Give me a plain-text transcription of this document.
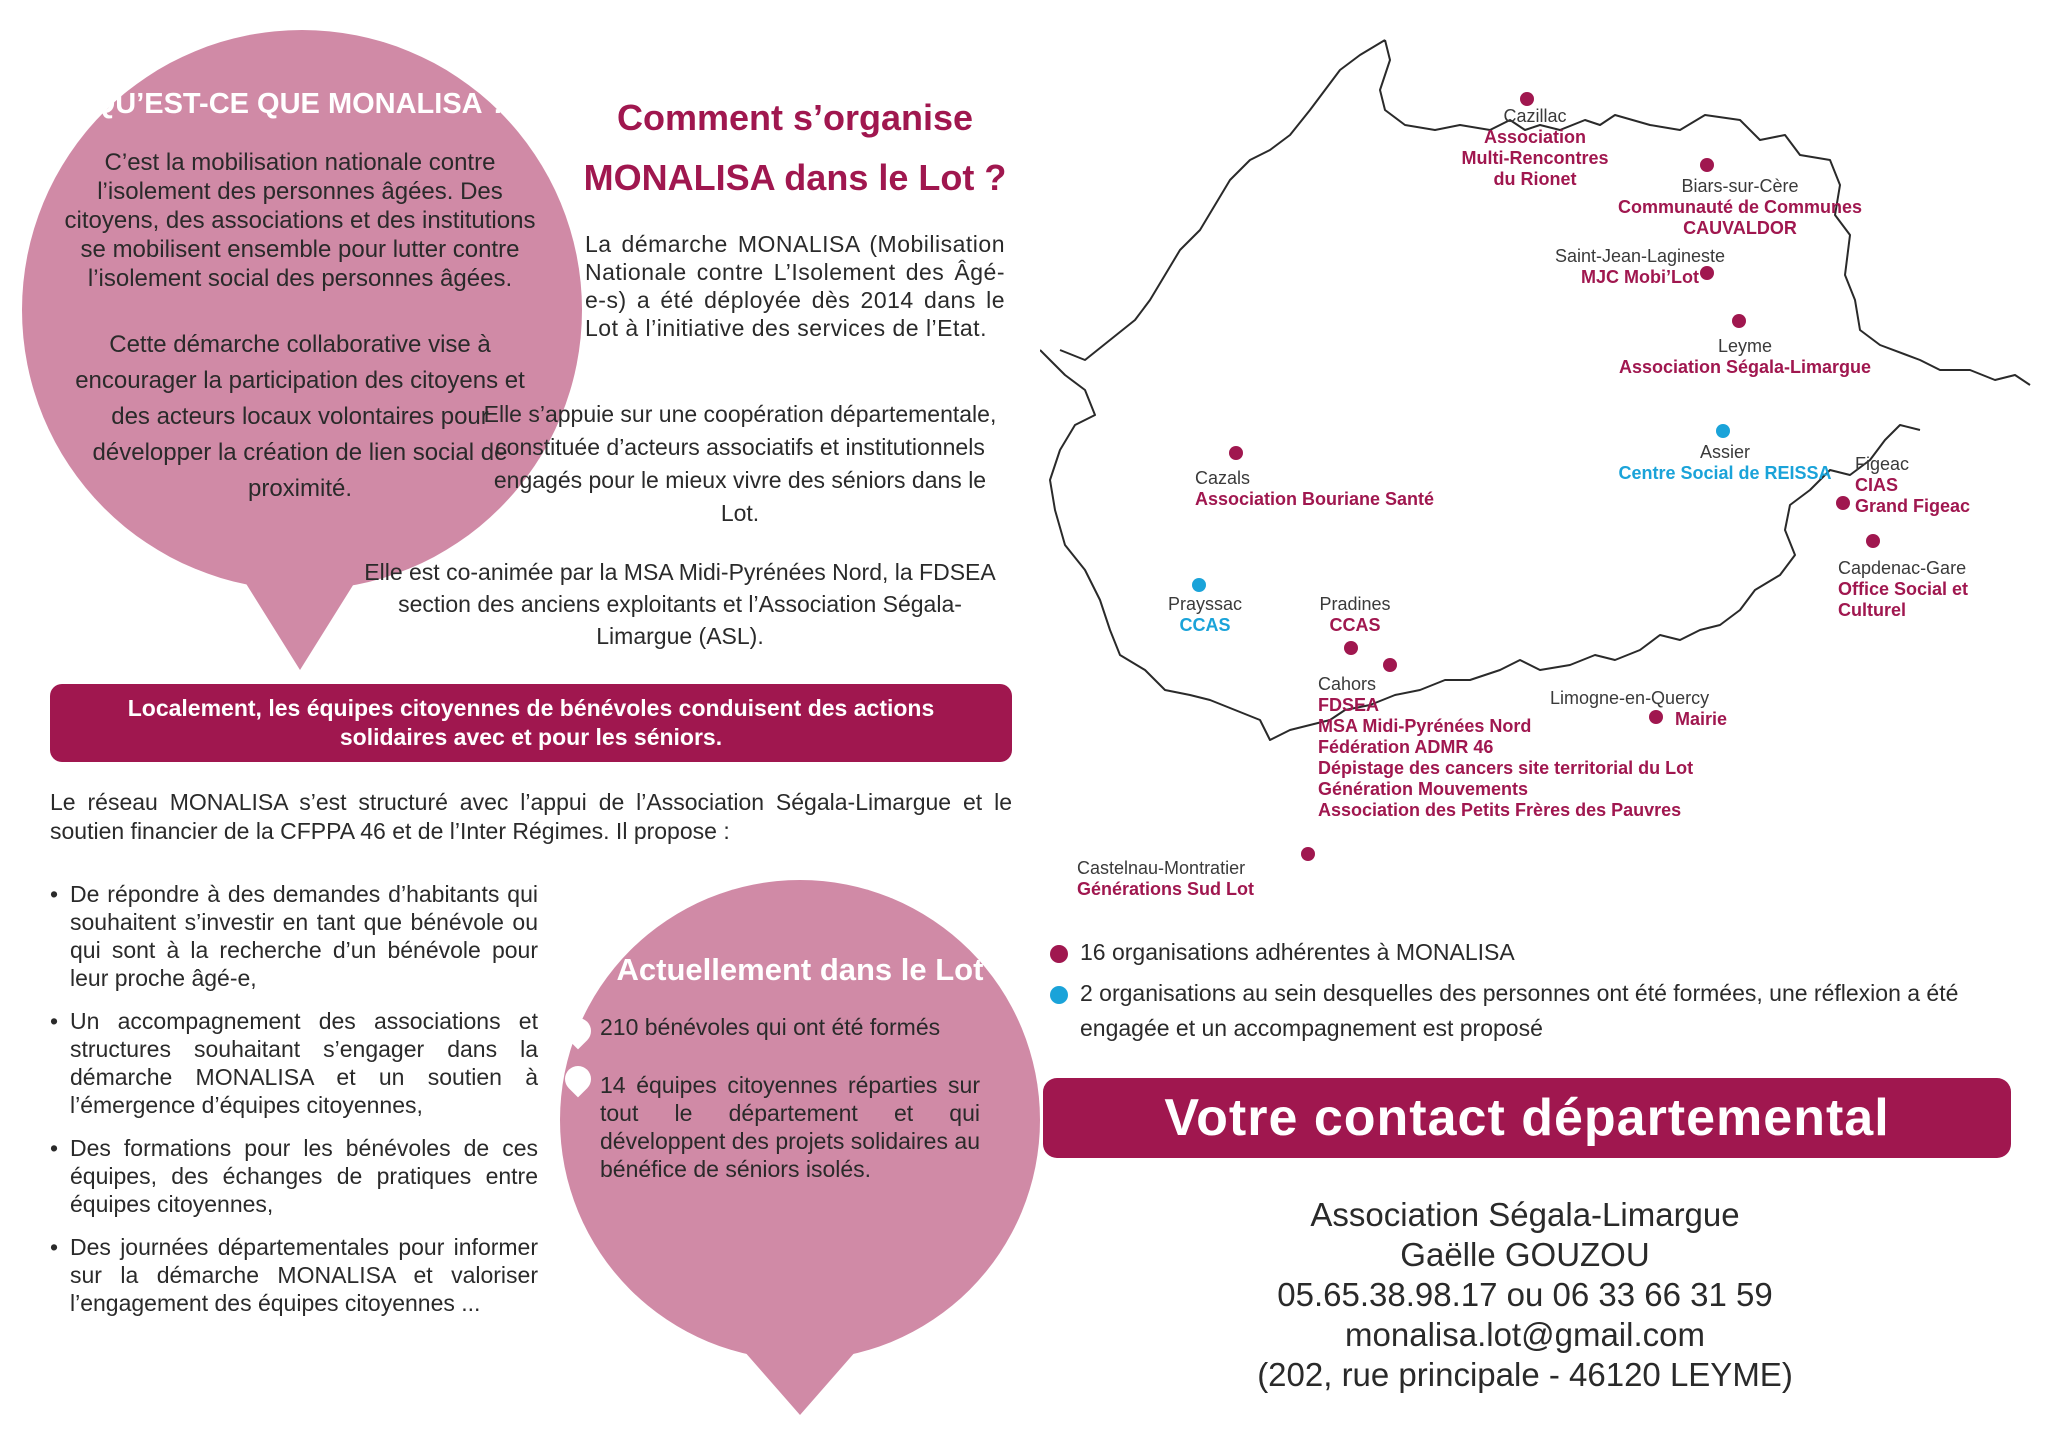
QU’EST-CE QUE MONALISA ?

C’est la mobilisation nationale contre l’isolement des personnes âgées. Des citoyens, des associations et des institutions se mobilisent ensemble pour lutter contre l’isolement social des personnes âgées.

Cette démarche collaborative vise à encourager la participation des citoyens et des acteurs locaux volontaires pour développer la création de lien social de proximité.

Comment s’organise
MONALISA dans le Lot ?
La démarche MONALISA (Mobilisation Nationale contre L’Isolement des Âgé-e-s) a été déployée dès 2014 dans le Lot à l’initiative des services de l’Etat.
Elle s’appuie sur une coopération départementale, constituée d’acteurs associatifs et institutionnels engagés pour le mieux vivre des séniors dans le Lot.
Elle est co-animée par la MSA Midi-Pyrénées Nord, la FDSEA section des anciens exploitants et l’Association Ségala-Limargue (ASL).
Localement, les équipes citoyennes de bénévoles conduisent des actions solidaires avec et pour les séniors.
Le réseau MONALISA s’est structuré avec l’appui de l’Association Ségala-Limargue et le soutien financier de la CFPPA 46 et de l’Inter Régimes. Il propose :
• De répondre à des demandes d’habitants qui souhaitent s’investir en tant que bénévole ou qui sont à la recherche d’un bénévole pour leur proche âgé-e,
• Un accompagnement des associations et structures souhaitant s’engager dans la démarche MONALISA et un soutien à l’émergence d’équipes citoyennes,
• Des formations pour les bénévoles de ces équipes, des échanges de pratiques entre équipes citoyennes,
• Des journées départementales pour informer sur la démarche MONALISA et valoriser l’engagement des équipes citoyennes ...
Actuellement dans le Lot
210 bénévoles qui ont été formés
14 équipes citoyennes réparties sur tout le département et qui développent des projets solidaires au bénéfice de séniors isolés.
Cazillac
Association
Multi-Rencontres
du Rionet	Biars-sur-Cère
Communauté de Communes
CAUVALDOR
Saint-Jean-Lagineste
MJC Mobi’Lot
Leyme
Association Ségala-Limargue
Assier
Centre Social de REISSA
Cazals
Association Bouriane Santé
Figeac
CIAS
Grand Figeac
Capdenac-Gare
Office Social et
Culturel
Prayssac
CCAS
Pradines
CCAS
Cahors
FDSEA
MSA Midi-Pyrénées Nord
Fédération ADMR 46
Dépistage des cancers site territorial du Lot
Génération Mouvements
Association des Petits Frères des Pauvres
Limogne-en-Quercy
Mairie
Castelnau-Montratier
Générations Sud Lot
16 organisations adhérentes à MONALISA
2 organisations au sein desquelles des personnes ont été formées, une réflexion a été engagée et un accompagnement est proposé
Votre contact départemental
Association Ségala-Limargue
Gaëlle GOUZOU
05.65.38.98.17 ou 06 33 66 31 59
monalisa.lot@gmail.com
(202, rue principale - 46120 LEYME)
